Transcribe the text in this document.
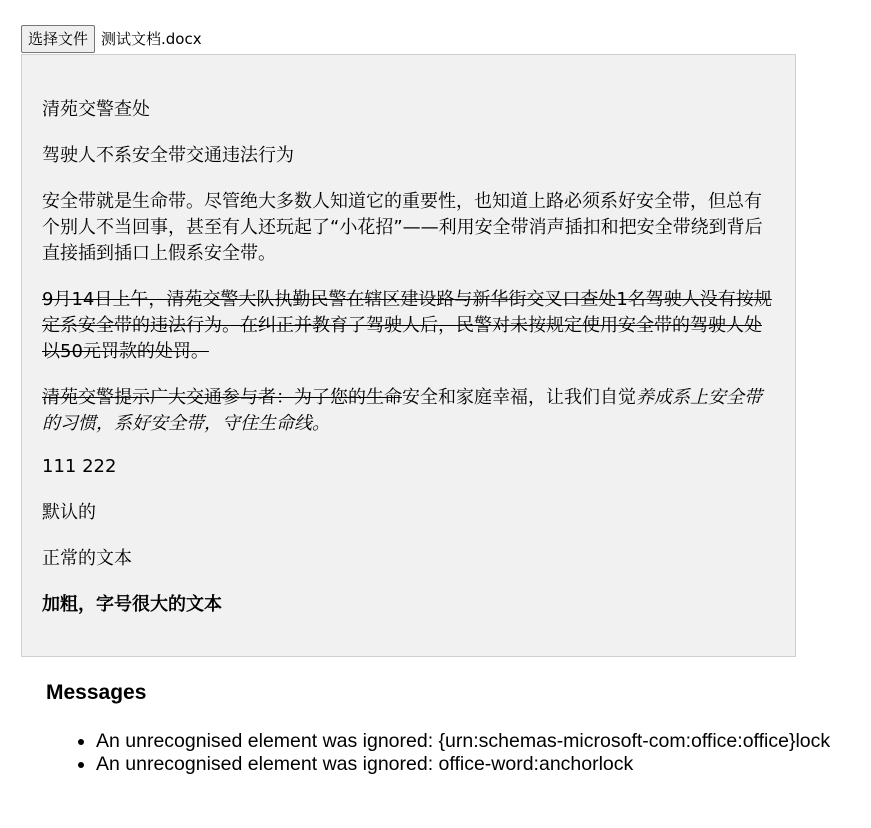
选择文件 测试文档.docx

清苑交警查处

驾驶人不系安全带交通违法行为

安全带就是生命带。尽管绝大多数人知道它的重要性，也知道上路必须系好安全带，但总有个别人不当回事，甚至有人还玩起了“小花招”——利用安全带消声插扣和把安全带绕到背后直接插到插口上假系安全带。

9月14日上午，清苑交警大队执勤民警在辖区建设路与新华街交叉口查处1名驾驶人没有按规定系安全带的违法行为。在纠正并教育了驾驶人后，民警对未按规定使用安全带的驾驶人处以50元罚款的处罚。

清苑交警提示广大交通参与者：为了您的生命安全和家庭幸福，让我们自觉养成系上安全带的习惯，系好安全带，守住生命线。

111 222

默认的

正常的文本

加粗，字号很大的文本

Messages
• An unrecognised element was ignored: {urn:schemas-microsoft-com:office:office}lock
• An unrecognised element was ignored: office-word:anchorlock
